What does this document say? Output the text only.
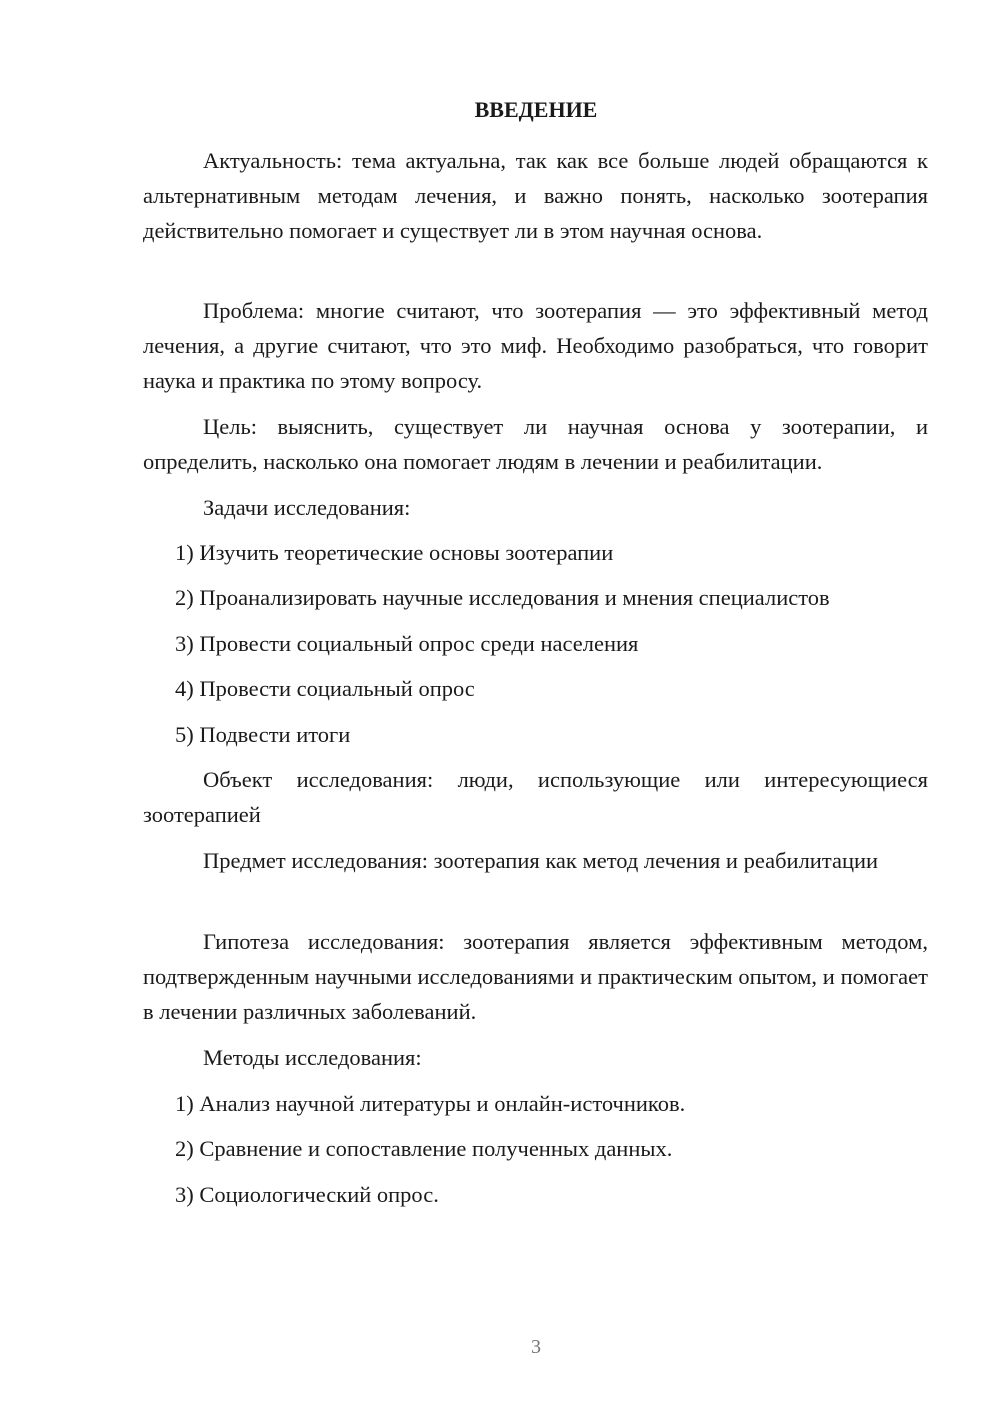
ВВЕДЕНИЕ

Актуальность: тема актуальна, так как все больше людей обращаются к альтернативным методам лечения, и важно понять, насколько зоотерапия действительно помогает и существует ли в этом научная основа.

Проблема: многие считают, что зоотерапия — это эффективный метод лечения, а другие считают, что это миф. Необходимо разобраться, что говорит наука и практика по этому вопросу.

Цель: выяснить, существует ли научная основа у зоотерапии, и определить, насколько она помогает людям в лечении и реабилитации.

Задачи исследования:

1) Изучить теоретические основы зоотерапии

2) Проанализировать научные исследования и мнения специалистов

3) Провести социальный опрос среди населения

4) Провести социальный опрос

5) Подвести итоги

Объект исследования: люди, использующие или интересующиеся зоотерапией

Предмет исследования: зоотерапия как метод лечения и реабилитации

Гипотеза исследования: зоотерапия является эффективным методом, подтвержденным научными исследованиями и практическим опытом, и помогает в лечении различных заболеваний.

Методы исследования:

1) Анализ научной литературы и онлайн-источников.

2) Сравнение и сопоставление полученных данных.

3) Социологический опрос.

3
